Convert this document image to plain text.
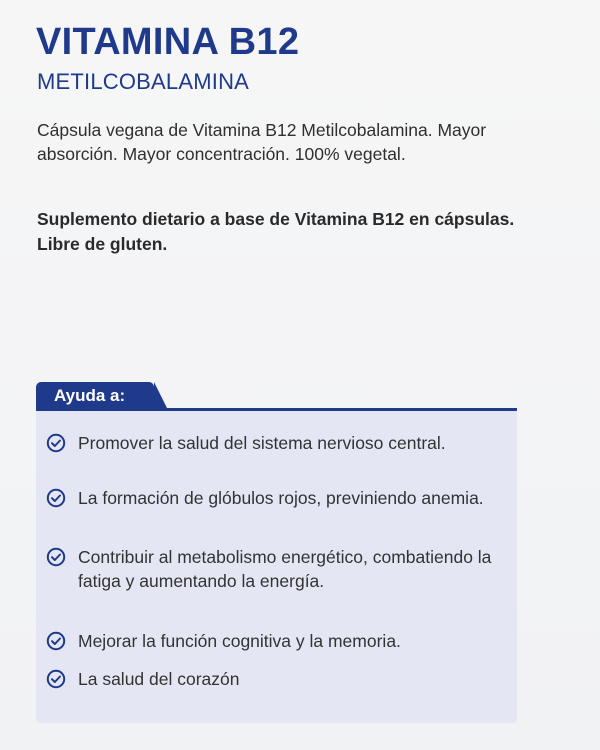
VITAMINA B12
METILCOBALAMINA

Cápsula vegana de Vitamina B12 Metilcobalamina. Mayor absorción. Mayor concentración. 100% vegetal.

Suplemento dietario a base de Vitamina B12 en cápsulas. Libre de gluten.

Ayuda a:
Promover la salud del sistema nervioso central.
La formación de glóbulos rojos, previniendo anemia.
Contribuir al metabolismo energético, combatiendo la fatiga y aumentando la energía.
Mejorar la función cognitiva y la memoria.
La salud del corazón
